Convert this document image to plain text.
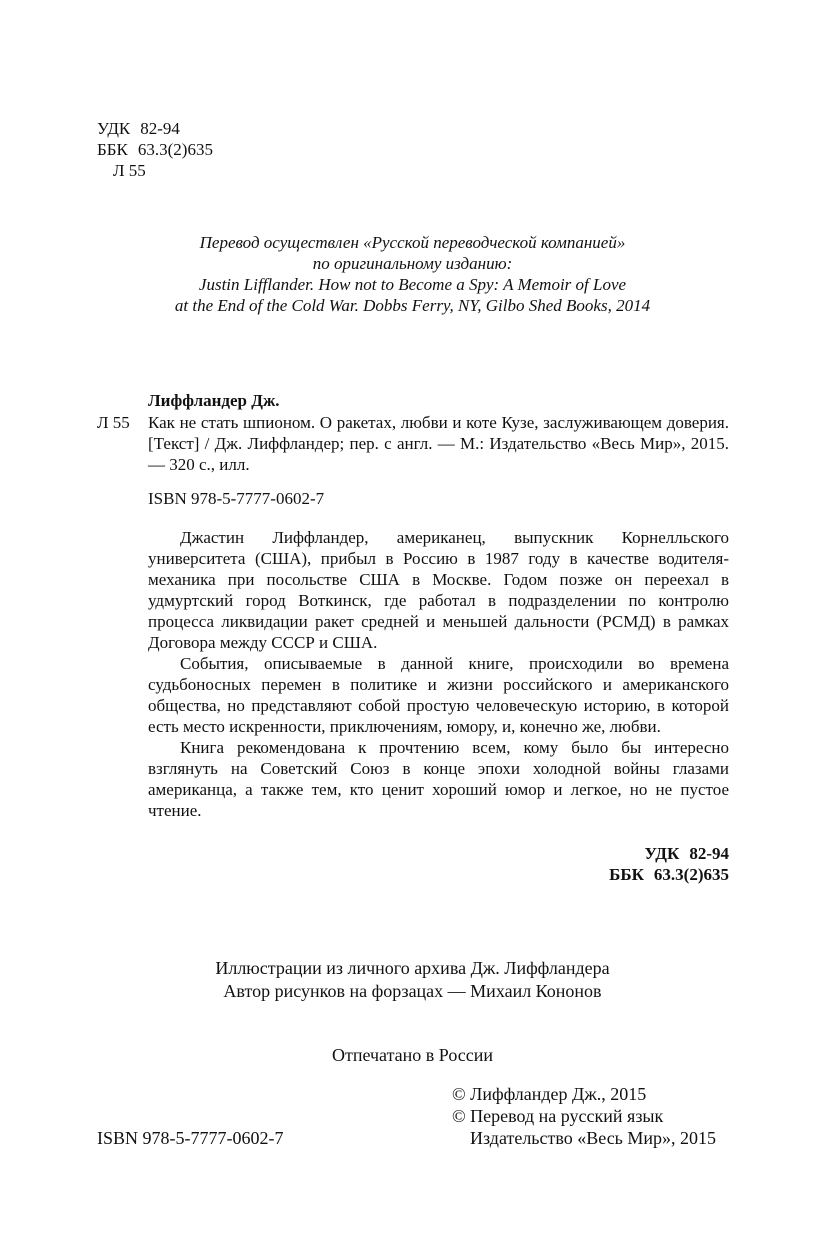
УДК 82-94
ББК 63.3(2)635
Л 55
Перевод осуществлен «Русской переводческой компанией»
по оригинальному изданию:
Justin Lifflander. How not to Become a Spy: A Memoir of Love
at the End of the Cold War. Dobbs Ferry, NY, Gilbo Shed Books, 2014
Лиффландер Дж.
Л 55 Как не стать шпионом. О ракетах, любви и коте Кузе, заслуживающем доверия. [Текст] / Дж. Лиффландер; пер. с англ. — М.: Издательство «Весь Мир», 2015. — 320 с., илл.
ISBN 978-5-7777-0602-7

Джастин Лиффландер, американец, выпускник Корнелльского университета (США), прибыл в Россию в 1987 году в качестве водителя-механика при посольстве США в Москве. Годом позже он переехал в удмуртский город Воткинск, где работал в подразделении по контролю процесса ликвидации ракет средней и меньшей дальности (РСМД) в рамках Договора между СССР и США.

События, описываемые в данной книге, происходили во времена судьбоносных перемен в политике и жизни российского и американского общества, но представляют собой простую человеческую историю, в которой есть место искренности, приключениям, юмору, и, конечно же, любви.

Книга рекомендована к прочтению всем, кому было бы интересно взглянуть на Советский Союз в конце эпохи холодной войны глазами американца, а также тем, кто ценит хороший юмор и легкое, но не пустое чтение.

УДК 82-94
ББК 63.3(2)635
Иллюстрации из личного архива Дж. Лиффландера
Автор рисунков на форзацах — Михаил Кононов
Отпечатано в России
© Лиффландер Дж., 2015
© Перевод на русский язык
Издательство «Весь Мир», 2015
ISBN 978-5-7777-0602-7
